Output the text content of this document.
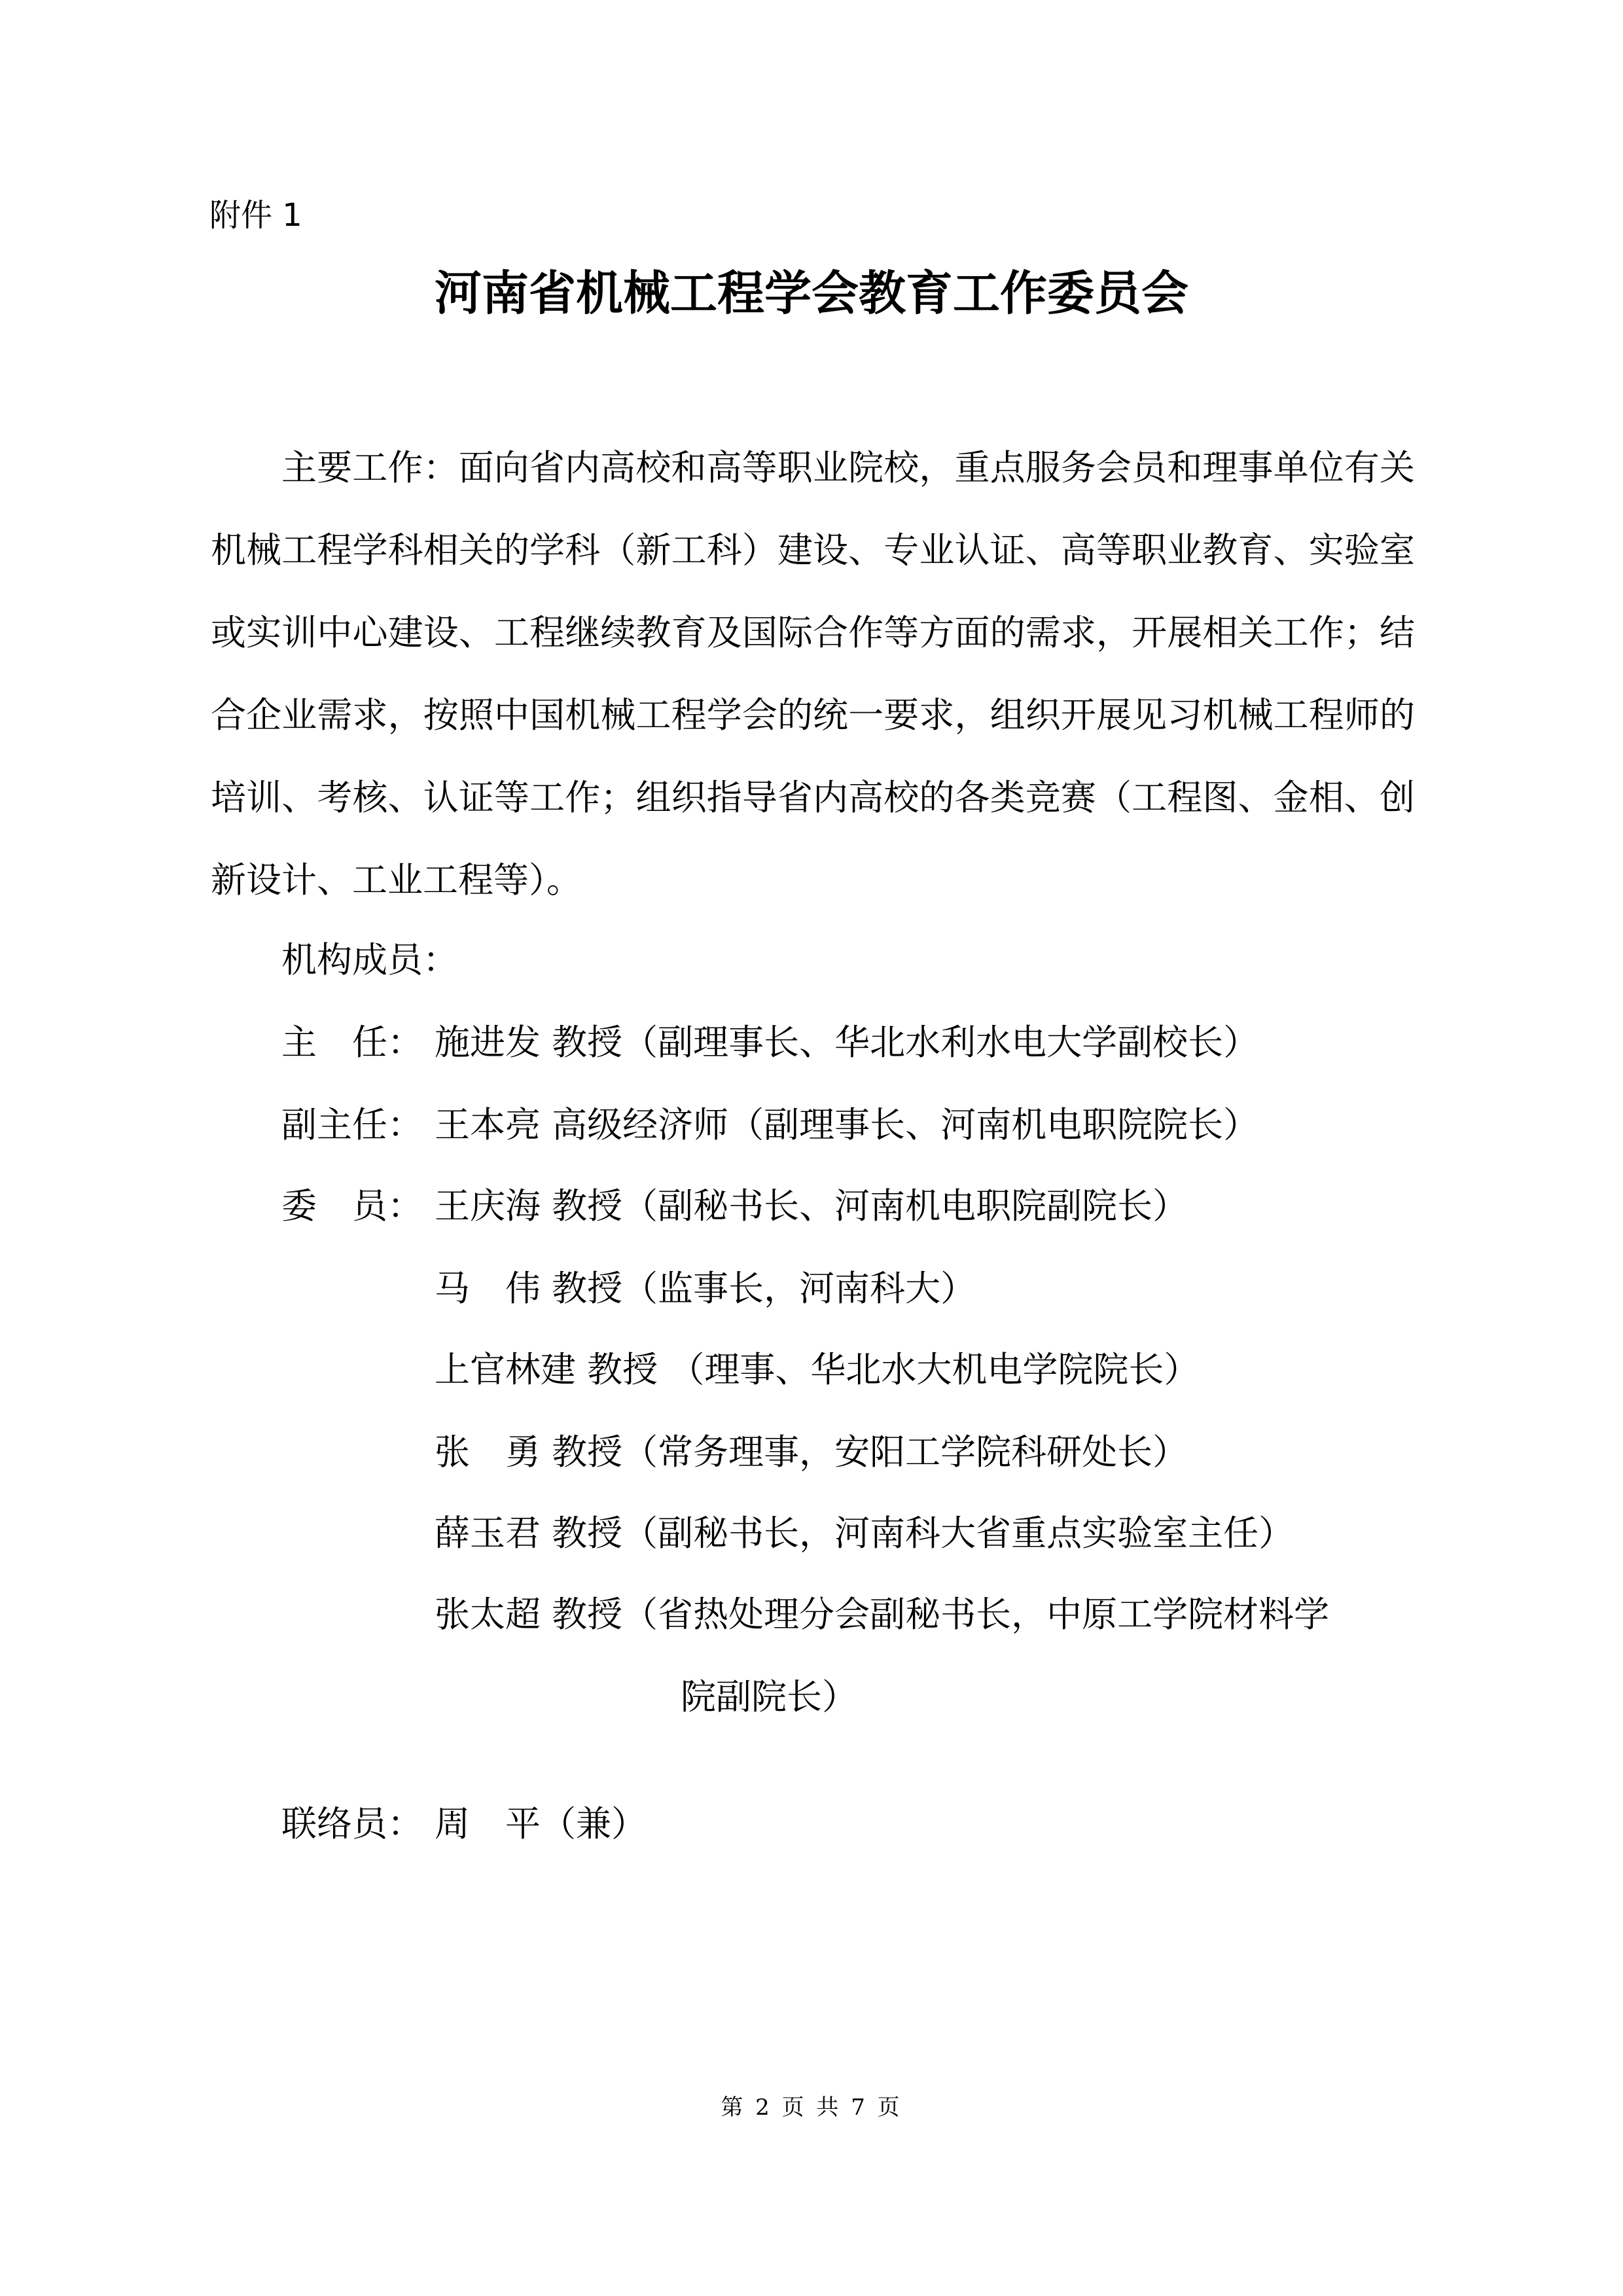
附件 1
河南省机械工程学会教育工作委员会
主要工作：面向省内高校和高等职业院校，重点服务会员和理事单位有关机械工程学科相关的学科（新工科）建设、专业认证、高等职业教育、实验室或实训中心建设、工程继续教育及国际合作等方面的需求，开展相关工作；结合企业需求，按照中国机械工程学会的统一要求，组织开展见习机械工程师的培训、考核、认证等工作；组织指导省内高校的各类竞赛（工程图、金相、创新设计、工业工程等）。
机构成员：
主　任： 施进发 教授（副理事长、华北水利水电大学副校长）
副主任： 王本亮 高级经济师（副理事长、河南机电职院院长）
委　员： 王庆海 教授（副秘书长、河南机电职院副院长）
马　伟 教授（监事长，河南科大）
上官林建 教授 （理事、华北水大机电学院院长）
张　勇 教授（常务理事，安阳工学院科研处长）
薛玉君 教授（副秘书长，河南科大省重点实验室主任）
张太超 教授（省热处理分会副秘书长，中原工学院材料学
院副院长）
联络员： 周　平（兼）
第 2 页 共 7 页
